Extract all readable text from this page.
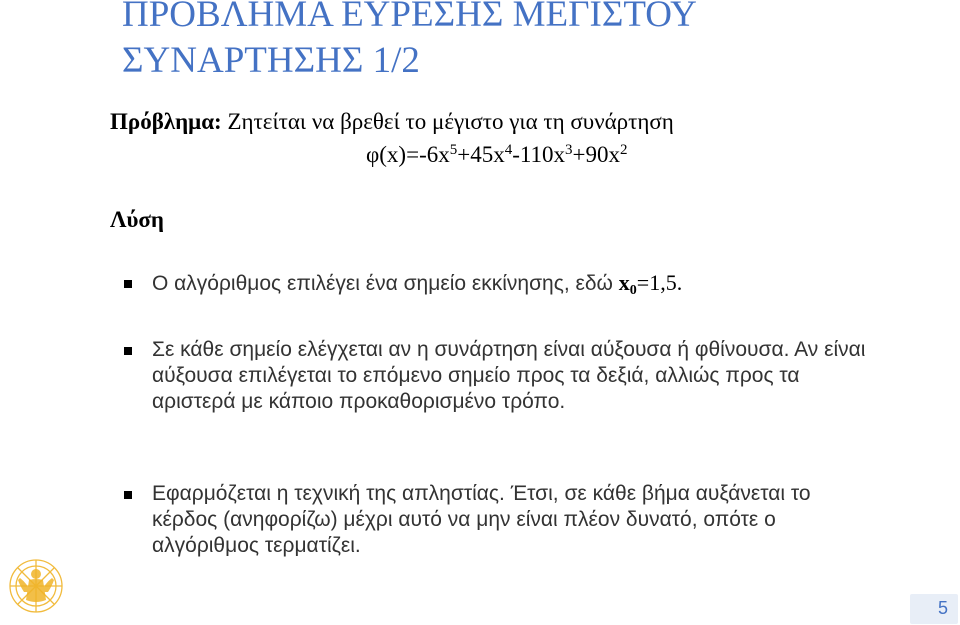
ΠΡΟΒΛΗΜΑ ΕΥΡΕΣΗΣ ΜΕΓΙΣΤΟΥ
ΣΥΝΑΡΤΗΣΗΣ 1/2
Πρόβλημα: Ζητείται να βρεθεί το μέγιστο για τη συνάρτηση
$\varphi(x)=-6x^5+45x^4-110x^3+90x^2$
Λύση
Ο αλγόριθμος επιλέγει ένα σημείο εκκίνησης, εδώ $x_0=1,5$.
Σε κάθε σημείο ελέγχεται αν η συνάρτηση είναι αύξουσα ή φθίνουσα. Αν είναι αύξουσα επιλέγεται το επόμενο σημείο προς τα δεξιά, αλλιώς προς τα αριστερά με κάποιο προκαθορισμένο τρόπο.
Εφαρμόζεται η τεχνική της απληστίας. Έτσι, σε κάθε βήμα αυξάνεται το κέρδος (ανηφορίζω) μέχρι αυτό να μην είναι πλέον δυνατό, οπότε ο αλγόριθμος τερματίζει.
5
